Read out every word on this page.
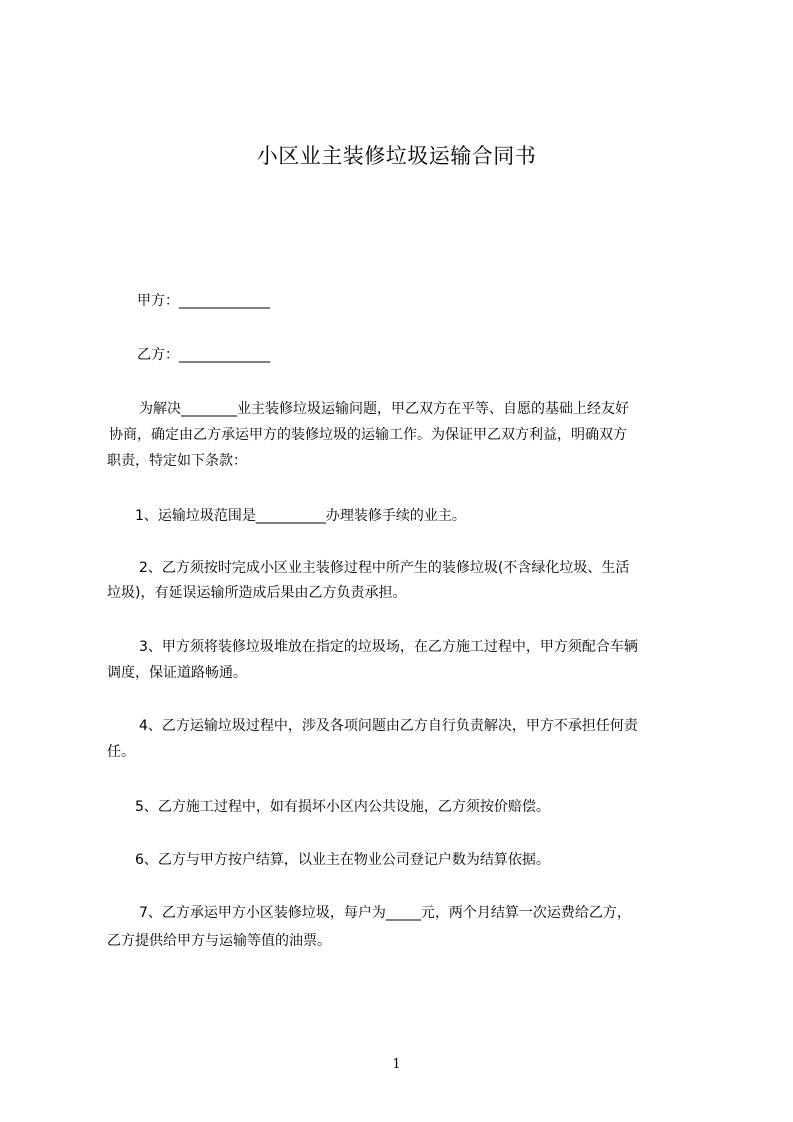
小区业主装修垃圾运输合同书
甲方：_____________
乙方：_____________
为解决________业主装修垃圾运输问题，甲乙双方在平等、自愿的基础上经友好
协商，确定由乙方承运甲方的装修垃圾的运输工作。为保证甲乙双方利益，明确双方
职责，特定如下条款：
1、运输垃圾范围是__________办理装修手续的业主。
2、乙方须按时完成小区业主装修过程中所产生的装修垃圾(不含绿化垃圾、生活
垃圾)，有延误运输所造成后果由乙方负责承担。
3、甲方须将装修垃圾堆放在指定的垃圾场，在乙方施工过程中，甲方须配合车辆
调度，保证道路畅通。
4、乙方运输垃圾过程中，涉及各项问题由乙方自行负责解决，甲方不承担任何责
任。
5、乙方施工过程中，如有损坏小区内公共设施，乙方须按价赔偿。
6、乙方与甲方按户结算，以业主在物业公司登记户数为结算依据。
7、乙方承运甲方小区装修垃圾，每户为_____元，两个月结算一次运费给乙方，
乙方提供给甲方与运输等值的油票。
1
